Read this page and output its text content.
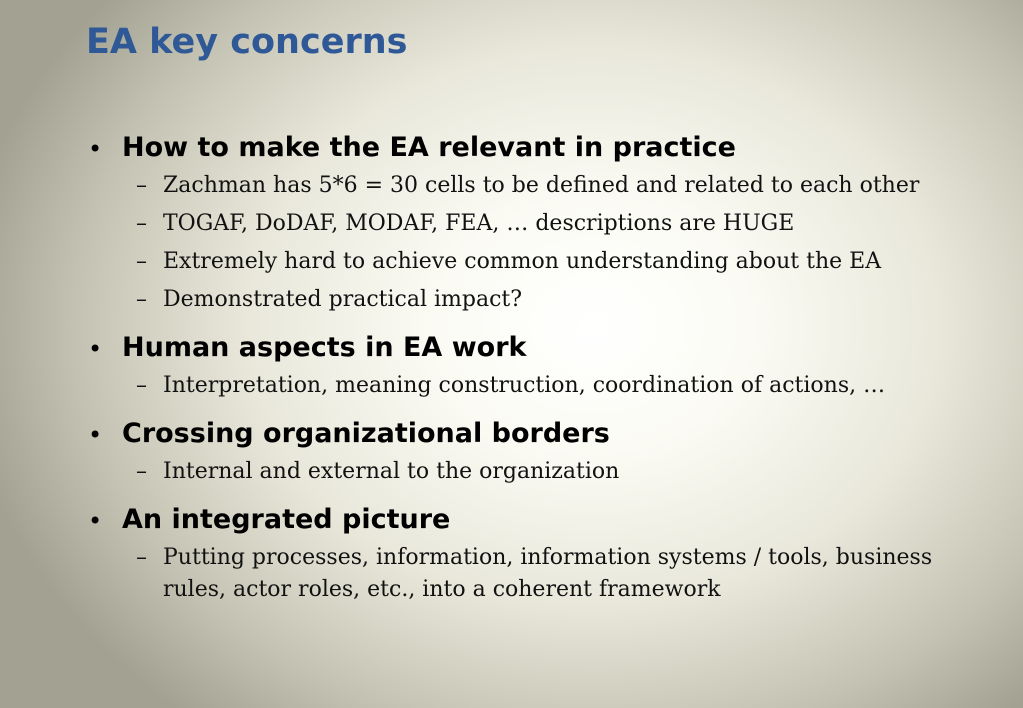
EA key concerns
• How to make the EA relevant in practice
– Zachman has 5*6 = 30 cells to be defined and related to each other
– TOGAF, DoDAF, MODAF, FEA, … descriptions are HUGE
– Extremely hard to achieve common understanding about the EA
– Demonstrated practical impact?
• Human aspects in EA work
– Interpretation, meaning construction, coordination of actions, …
• Crossing organizational borders
– Internal and external to the organization
• An integrated picture
– Putting processes, information, information systems / tools, business rules, actor roles, etc., into a coherent framework
